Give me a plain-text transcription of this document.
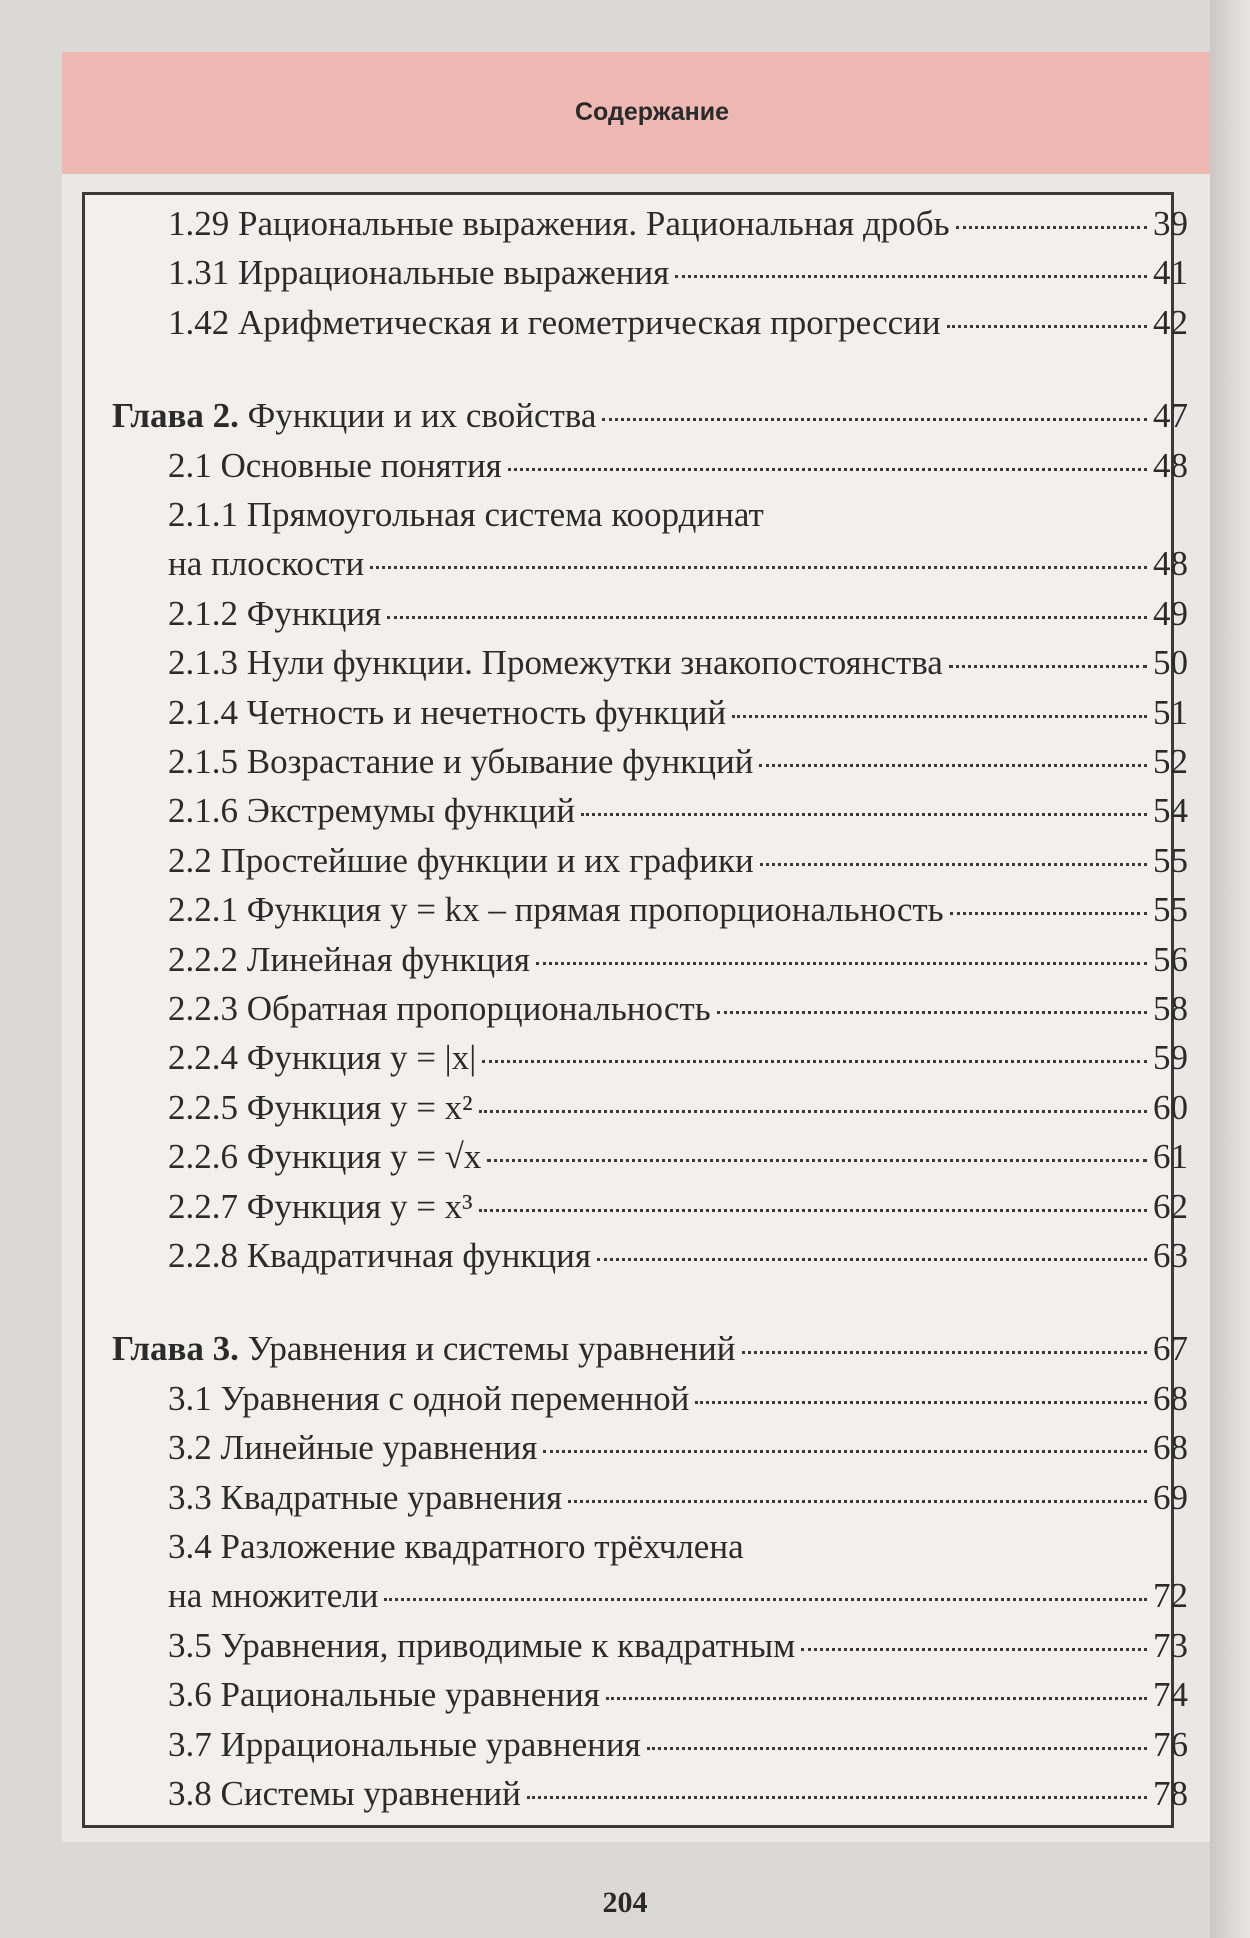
Содержание
1.29 Рациональные выражения. Рациональная дробь	39
1.31 Иррациональные выражения	41
1.42 Арифметическая и геометрическая прогрессии	42
Глава 2. Функции и их свойства	47
2.1 Основные понятия	48
2.1.1 Прямоугольная система координат
на плоскости	48
2.1.2 Функция	49
2.1.3 Нули функции. Промежутки знакопостоянства	50
2.1.4 Четность и нечетность функций	51
2.1.5 Возрастание и убывание функций	52
2.1.6 Экстремумы функций	54
2.2 Простейшие функции и их графики	55
2.2.1 Функция y = kx – прямая пропорциональность	55
2.2.2 Линейная функция	56
2.2.3 Обратная пропорциональность	58
2.2.4 Функция y = |x|	59
2.2.5 Функция y = x²	60
2.2.6 Функция y = √x	61
2.2.7 Функция y = x³	62
2.2.8 Квадратичная функция	63
Глава 3. Уравнения и системы уравнений	67
3.1 Уравнения с одной переменной	68
3.2 Линейные уравнения	68
3.3 Квадратные уравнения	69
3.4 Разложение квадратного трёхчлена
на множители	72
3.5 Уравнения, приводимые к квадратным	73
3.6 Рациональные уравнения	74
3.7 Иррациональные уравнения	76
3.8 Системы уравнений	78
204
